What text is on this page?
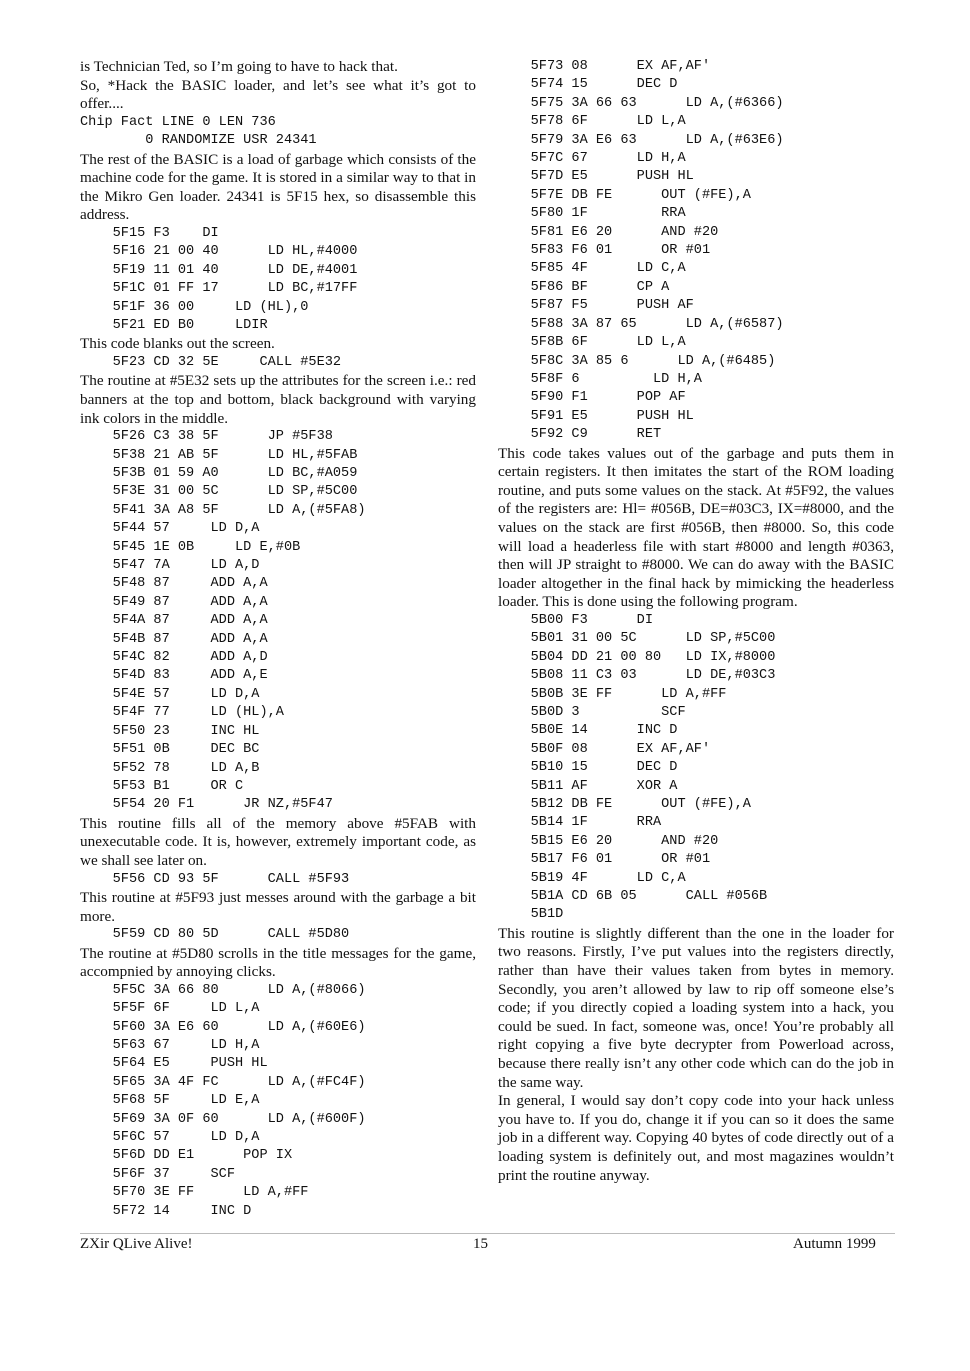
is Technician Ted, so I’m going to have to hack that.

So, *Hack the BASIC loader, and let’s see what it’s got to offer....

Chip Fact LINE 0 LEN 736
0 RANDOMIZE USR 24341

The rest of the BASIC is a load of garbage which consists of the machine code for the game. It is stored in a similar way to that in the Mikro Gen loader. 24341 is 5F15 hex, so disassemble this address.

5F15 F3    DI
5F16 21 00 40      LD HL,#4000
5F19 11 01 40      LD DE,#4001
5F1C 01 FF 17      LD BC,#17FF
5F1F 36 00     LD (HL),0
5F21 ED B0     LDIR

This code blanks out the screen.

5F23 CD 32 5E     CALL #5E32

The routine at #5E32 sets up the attributes for the screen i.e.: red banners at the top and bottom, black background with varying ink colors in the middle.

5F26 C3 38 5F      JP #5F38
5F38 21 AB 5F      LD HL,#5FAB
5F3B 01 59 A0      LD BC,#A059
5F3E 31 00 5C      LD SP,#5C00
5F41 3A A8 5F      LD A,(#5FA8)
5F44 57     LD D,A
5F45 1E 0B     LD E,#0B
5F47 7A     LD A,D
5F48 87     ADD A,A
5F49 87     ADD A,A
5F4A 87     ADD A,A
5F4B 87     ADD A,A
5F4C 82     ADD A,D
5F4D 83     ADD A,E
5F4E 57     LD D,A
5F4F 77     LD (HL),A
5F50 23     INC HL
5F51 0B     DEC BC
5F52 78     LD A,B
5F53 B1     OR C
5F54 20 F1      JR NZ,#5F47

This routine fills all of the memory above #5FAB with unexecutable code. It is, however, extremely important code, as we shall see later on.

5F56 CD 93 5F      CALL #5F93

This routine at #5F93 just messes around with the garbage a bit more.

5F59 CD 80 5D      CALL #5D80

The routine at #5D80 scrolls in the title messages for the game, accompnied by annoying clicks.

5F5C 3A 66 80      LD A,(#8066)
5F5F 6F     LD L,A
5F60 3A E6 60      LD A,(#60E6)
5F63 67     LD H,A
5F64 E5     PUSH HL
5F65 3A 4F FC      LD A,(#FC4F)
5F68 5F     LD E,A
5F69 3A 0F 60      LD A,(#600F)
5F6C 57     LD D,A
5F6D DD E1      POP IX
5F6F 37     SCF
5F70 3E FF      LD A,#FF
5F72 14     INC D
5F73 08      EX AF,AF'
5F74 15      DEC D
5F75 3A 66 63      LD A,(#6366)
5F78 6F      LD L,A
5F79 3A E6 63      LD A,(#63E6)
5F7C 67      LD H,A
5F7D E5      PUSH HL
5F7E DB FE      OUT (#FE),A
5F80 1F         RRA
5F81 E6 20      AND #20
5F83 F6 01      OR #01
5F85 4F      LD C,A
5F86 BF      CP A
5F87 F5      PUSH AF
5F88 3A 87 65      LD A,(#6587)
5F8B 6F      LD L,A
5F8C 3A 85 6      LD A,(#6485)
5F8F 6         LD H,A
5F90 F1      POP AF
5F91 E5      PUSH HL
5F92 C9      RET

This code takes values out of the garbage and puts them in certain registers. It then imitates the start of the ROM loading routine, and puts some values on the stack. At #5F92, the values of the registers are: Hl= #056B, DE=#03C3, IX=#8000, and the values on the stack are first #056B, then #8000. So, this code will load a headerless file with start #8000 and length #0363, then will JP straight to #8000. We can do away with the BASIC loader altogether in the final hack by mimicking the headerless loader. This is done using the following program.

5B00 F3      DI
5B01 31 00 5C      LD SP,#5C00
5B04 DD 21 00 80   LD IX,#8000
5B08 11 C3 03      LD DE,#03C3
5B0B 3E FF      LD A,#FF
5B0D 3          SCF
5B0E 14      INC D
5B0F 08      EX AF,AF'
5B10 15      DEC D
5B11 AF      XOR A
5B12 DB FE      OUT (#FE),A
5B14 1F      RRA
5B15 E6 20      AND #20
5B17 F6 01      OR #01
5B19 4F      LD C,A
5B1A CD 6B 05      CALL #056B
5B1D

This routine is slightly different than the one in the loader for two reasons. Firstly, I’ve put values into the registers directly, rather than have their values taken from bytes in memory. Secondly, you aren’t allowed by law to rip off someone else’s code; if you directly copied a loading system into a hack, you could be sued. In fact, someone was, once! You’re probably all right copying a five byte decrypter from Powerload across, because there really isn’t any other code which can do the job in the same way.

In general, I would say don’t copy code into your hack unless you have to. If you do, change it if you can so it does the same job in a different way. Copying 40 bytes of code directly out of a loading system is definitely out, and most magazines wouldn’t print the routine anyway.

ZXir QLive Alive!	15	Autumn 1999
